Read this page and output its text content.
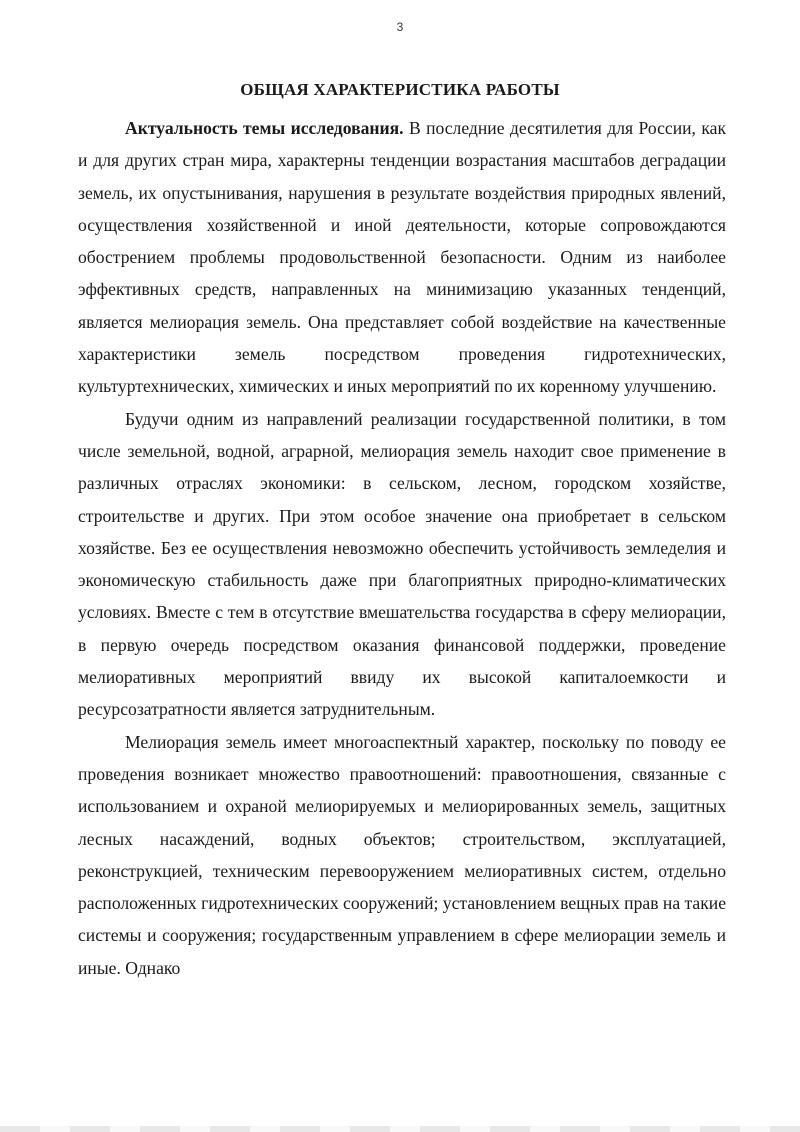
3
ОБЩАЯ ХАРАКТЕРИСТИКА РАБОТЫ

Актуальность темы исследования. В последние десятилетия для России, как и для других стран мира, характерны тенденции возрастания масштабов деградации земель, их опустынивания, нарушения в результате воздействия природных явлений, осуществления хозяйственной и иной деятельности, которые сопровождаются обострением проблемы продовольственной безопасности. Одним из наиболее эффективных средств, направленных на минимизацию указанных тенденций, является мелиорация земель. Она представляет собой воздействие на качественные характеристики земель посредством проведения гидротехнических, культуртехнических, химических и иных мероприятий по их коренному улучшению.

Будучи одним из направлений реализации государственной политики, в том числе земельной, водной, аграрной, мелиорация земель находит свое применение в различных отраслях экономики: в сельском, лесном, городском хозяйстве, строительстве и других. При этом особое значение она приобретает в сельском хозяйстве. Без ее осуществления невозможно обеспечить устойчивость земледелия и экономическую стабильность даже при благоприятных природно-климатических условиях. Вместе с тем в отсутствие вмешательства государства в сферу мелиорации, в первую очередь посредством оказания финансовой поддержки, проведение мелиоративных мероприятий ввиду их высокой капиталоемкости и ресурсозатратности является затруднительным.

Мелиорация земель имеет многоаспектный характер, поскольку по поводу ее проведения возникает множество правоотношений: правоотношения, связанные с использованием и охраной мелиорируемых и мелиорированных земель, защитных лесных насаждений, водных объектов; строительством, эксплуатацией, реконструкцией, техническим перевооружением мелиоративных систем, отдельно расположенных гидротехнических сооружений; установлением вещных прав на такие системы и сооружения; государственным управлением в сфере мелиорации земель и иные. Однако
